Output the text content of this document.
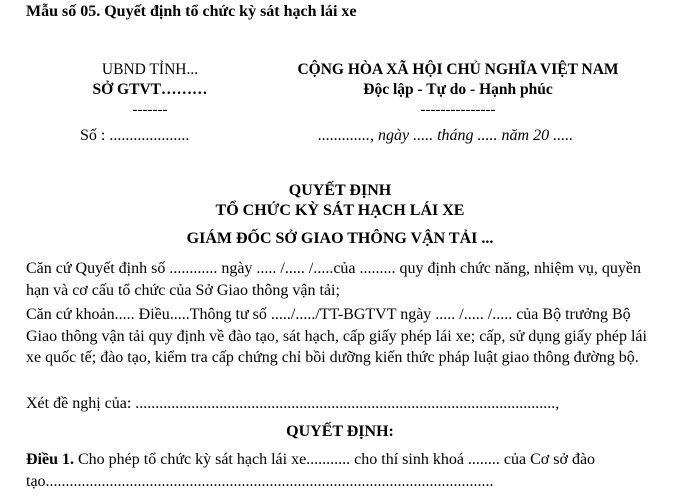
Mẫu số 05. Quyết định tổ chức kỳ sát hạch lái xe
UBND TỈNH...
SỞ GTVT………
-------
Số : ....................
CỘNG HÒA XÃ HỘI CHỦ NGHĨA VIỆT NAM
Độc lập - Tự do - Hạnh phúc
---------------
............., ngày ..... tháng ..... năm 20 .....
QUYẾT ĐỊNH
TỔ CHỨC KỲ SÁT HẠCH LÁI XE
GIÁM ĐỐC SỞ GIAO THÔNG VẬN TẢI ...
Căn cứ Quyết định số ............ ngày ..... /..... /.....của ......... quy định chức năng, nhiệm vụ, quyền hạn và cơ cấu tổ chức của Sở Giao thông vận tải;
Căn cứ khoản..... Điều.....Thông tư số ...../...../TT-BGTVT ngày ..... /..... /..... của Bộ trưởng Bộ Giao thông vận tải quy định về đào tạo, sát hạch, cấp giấy phép lái xe; cấp, sử dụng giấy phép lái xe quốc tế; đào tạo, kiểm tra cấp chứng chỉ bồi dưỡng kiến thức pháp luật giao thông đường bộ.
Xét đề nghị của: .........................................................................................................,
QUYẾT ĐỊNH:
Điều 1. Cho phép tổ chức kỳ sát hạch lái xe........... cho thí sinh khoá ........ của Cơ sở đào tạo................................................................................................................
